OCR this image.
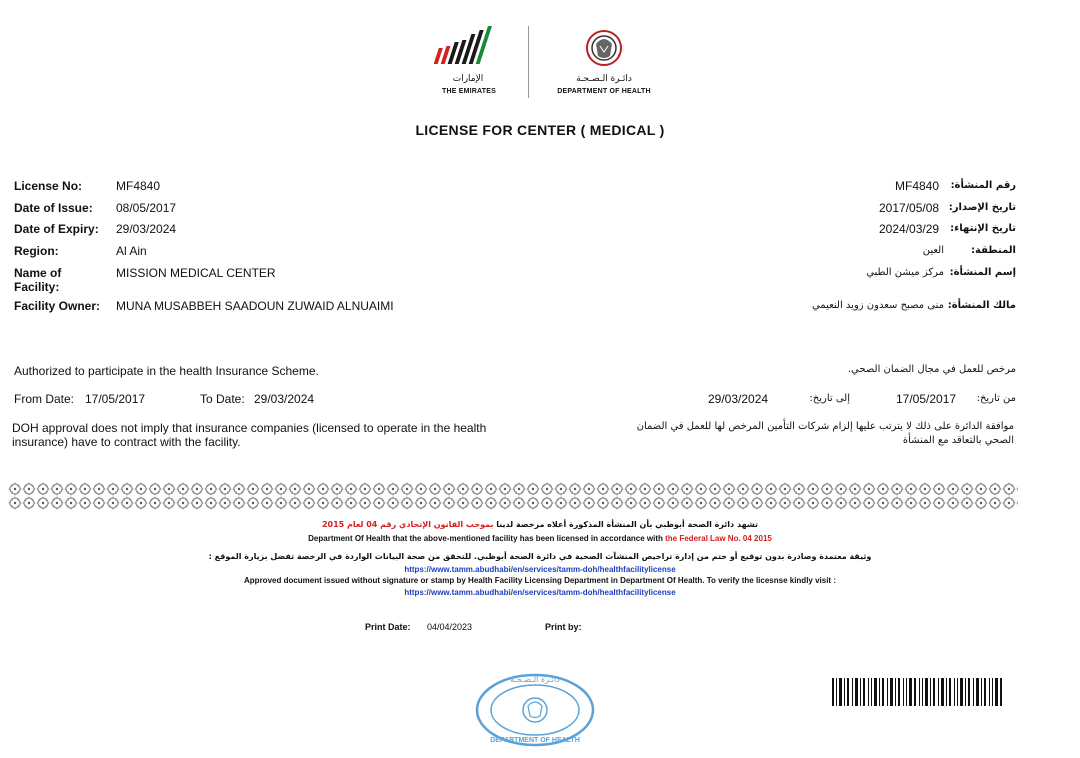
الإمارات
THE EMIRATES
دائـرة الـصـحـة
DEPARTMENT OF HEALTH
LICENSE FOR CENTER ( MEDICAL )
License No:	MF4840
Date of Issue: 08/05/2017
Date of Expiry: 29/03/2024
Region:	Al Ain
Name of Facility:
MISSION MEDICAL CENTER
Facility Owner: MUNA MUSABBEH SAADOUN ZUWAID ALNUAIMI
رقم المنشأة:
MF4840
تاريخ الإصدار:
2017/05/08
تاريخ الإنتهاء:
2024/03/29
المنطقة:
العين
إسم المنشأة:
مركز ميشن الطبي
مالك المنشأة:
منى مصبح سعدون زويد النعيمي
Authorized to participate in the health Insurance Scheme.	مرخص للعمل في مجال الضمان الصحي.
From Date: 17/05/2017	To Date: 29/03/2024	29/03/2024	إلى تاريخ:	17/05/2017 من تاريخ:
DOH approval does not imply that insurance companies (licensed to operate in the health
insurance) have to contract with the facility.
موافقة الدائرة على ذلك لا يترتب عليها إلزام شركات التأمين المرخص لها للعمل في الضمان
الصحي بالتعاقد مع المنشأة
تشهد دائرة الصحة أبوظبي بأن المنشأة المذكورة أعلاه مرخصة لدينا بموجب القانون الإتحادي رقم 04 لعام 2015
Department Of Health that the above-mentioned facility has been licensed in accordance with the Federal Law No. 04 2015
وثيقة معتمدة وصادرة بدون توقيع أو ختم من إدارة تراخيص المنشآت الصحية في دائرة الصحة أبوظبي. للتحقق من صحة البيانات الواردة في الرخصة تفضل بزيارة الموقع :
https://www.tamm.abudhabi/en/services/tamm-doh/healthfacilitylicense
Approved document issued without signature or stamp by Health Facility Licensing Department in Department Of Health. To verify the licesnse kindly visit :
https://www.tamm.abudhabi/en/services/tamm-doh/healthfacilitylicense
Print Date: 04/04/2023	Print by:
دائـرة الـصـحـة
DEPARTMENT OF HEALTH
